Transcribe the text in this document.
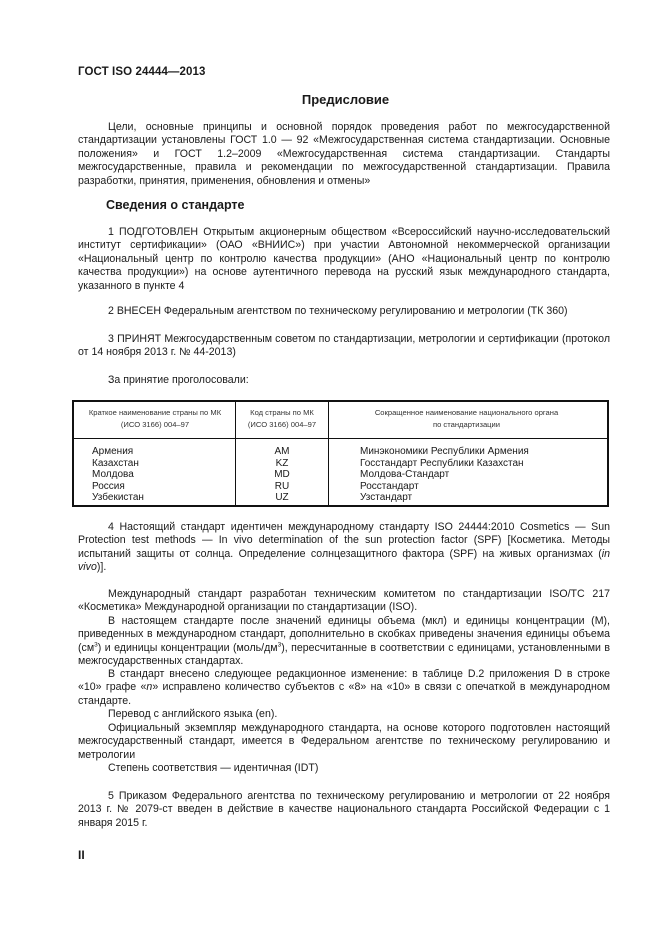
ГОСТ ISO 24444—2013
Предисловие
Цели, основные принципы и основной порядок проведения работ по межгосударственной стандартизации установлены ГОСТ 1.0 — 92 «Межгосударственная система стандартизации. Основные положения» и ГОСТ 1.2–2009 «Межгосударственная система стандартизации. Стандарты межгосударственные, правила и рекомендации по межгосударственной стандартизации. Правила разработки, принятия, применения, обновления и отмены»
Сведения о стандарте
1 ПОДГОТОВЛЕН Открытым акционерным обществом «Всероссийский научно-исследовательский институт сертификации» (ОАО «ВНИИС») при участии Автономной некоммерческой организации «Национальный центр по контролю качества продукции» (АНО «Национальный центр по контролю качества продукции») на основе аутентичного перевода на русский язык международного стандарта, указанного в пункте 4
2 ВНЕСЕН Федеральным агентством по техническому регулированию и метрологии (ТК 360)
3 ПРИНЯТ Межгосударственным советом по стандартизации, метрологии и сертификации (протокол от 14 ноября 2013 г. № 44-2013)
За принятие проголосовали:
Краткое наименование страны по МК (ИСО 3166) 004–97
Код страны по МК (ИСО 3166) 004–97
Сокращенное наименование национального органа по стандартизации
Армения
Казахстан
Молдова
Россия
Узбекистан
AM
KZ
MD
RU
UZ
Минэкономики Республики Армения
Госстандарт Республики Казахстан
Молдова-Стандарт
Росстандарт
Узстандарт
4 Настоящий стандарт идентичен международному стандарту ISO 24444:2010 Cosmetics — Sun Protection test methods — In vivo determination of the sun protection factor (SPF) [Косметика. Методы испытаний защиты от солнца. Определение солнцезащитного фактора (SPF) на живых организмах (in vivo)].
Международный стандарт разработан техническим комитетом по стандартизации ISO/TC 217 «Косметика» Международной организации по стандартизации (ISO).
В настоящем стандарте после значений единицы объема (мкл) и единицы концентрации (М), приведенных в международном стандарт, дополнительно в скобках приведены значения единицы объема $(см^3)$ и единицы концентрации $(моль/дм^3)$, пересчитанные в соответствии с единицами, установленными в межгосударственных стандартах.
В стандарт внесено следующее редакционное изменение: в таблице D.2 приложения D в строке «10» графе «n» исправлено количество субъектов с «8» на «10» в связи с опечаткой в международном стандарте.
Перевод с английского языка (en).
Официальный экземпляр международного стандарта, на основе которого подготовлен настоящий межгосударственный стандарт, имеется в Федеральном агентстве по техническому регулированию и метрологии
Степень соответствия — идентичная (IDT)
5 Приказом Федерального агентства по техническому регулированию и метрологии от 22 ноября 2013 г. № 2079-ст введен в действие в качестве национального стандарта Российской Федерации с 1 января 2015 г.
II
